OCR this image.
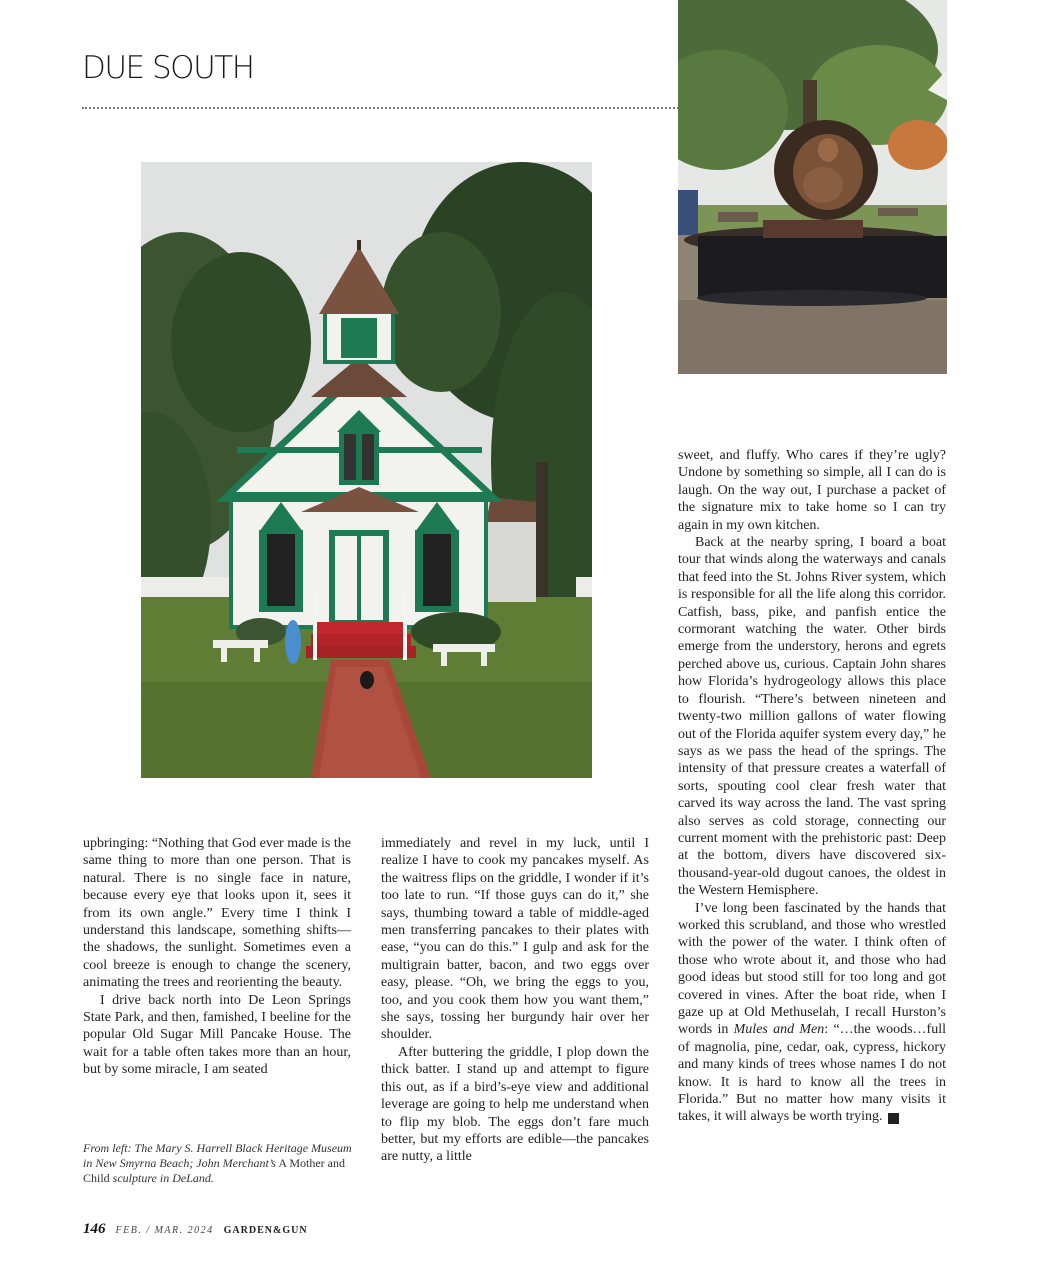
DUE SOUTH

upbringing: “Nothing that God ever made is the same thing to more than one person. That is natural. There is no single face in nature, because every eye that looks upon it, sees it from its own angle.” Every time I think I understand this landscape, something shifts—the shadows, the sunlight. Sometimes even a cool breeze is enough to change the scenery, animating the trees and reorienting the beauty.

I drive back north into De Leon Springs State Park, and then, famished, I beeline for the popular Old Sugar Mill Pancake House. The wait for a table often takes more than an hour, but by some miracle, I am seated

immediately and revel in my luck, until I realize I have to cook my pancakes myself. As the waitress flips on the griddle, I wonder if it’s too late to run. “If those guys can do it,” she says, thumbing toward a table of middle-aged men transferring pancakes to their plates with ease, “you can do this.” I gulp and ask for the multigrain batter, bacon, and two eggs over easy, please. “Oh, we bring the eggs to you, too, and you cook them how you want them,” she says, tossing her burgundy hair over her shoulder.

After buttering the griddle, I plop down the thick batter. I stand up and attempt to figure this out, as if a bird’s-eye view and additional leverage are going to help me understand when to flip my blob. The eggs don’t fare much better, but my efforts are edible—the pancakes are nutty, a little

sweet, and fluffy. Who cares if they’re ugly? Undone by something so simple, all I can do is laugh. On the way out, I purchase a packet of the signature mix to take home so I can try again in my own kitchen.

Back at the nearby spring, I board a boat tour that winds along the waterways and canals that feed into the St. Johns River system, which is responsible for all the life along this corridor. Catfish, bass, pike, and panfish entice the cormorant watching the water. Other birds emerge from the understory, herons and egrets perched above us, curious. Captain John shares how Florida’s hydrogeology allows this place to flourish. “There’s between nineteen and twenty-two million gallons of water flowing out of the Florida aquifer system every day,” he says as we pass the head of the springs. The intensity of that pressure creates a waterfall of sorts, spouting cool clear fresh water that carved its way across the land. The vast spring also serves as cold storage, connecting our current moment with the prehistoric past: Deep at the bottom, divers have discovered six-thousand-year-old dugout canoes, the oldest in the Western Hemisphere.

I’ve long been fascinated by the hands that worked this scrubland, and those who wrestled with the power of the water. I think often of those who wrote about it, and those who had good ideas but stood still for too long and got covered in vines. After the boat ride, when I gaze up at Old Methuselah, I recall Hurston’s words in Mules and Men: “…the woods…full of magnolia, pine, cedar, oak, cypress, hickory and many kinds of trees whose names I do not know. It is hard to know all the trees in Florida.” But no matter how many visits it takes, it will always be worth trying.	G

From left: The Mary S. Harrell Black Heritage Museum in New Smyrna Beach; John Merchant’s A Mother and Child sculpture in DeLand.
146 FEB. / MAR. 2024 GARDEN&GUN
